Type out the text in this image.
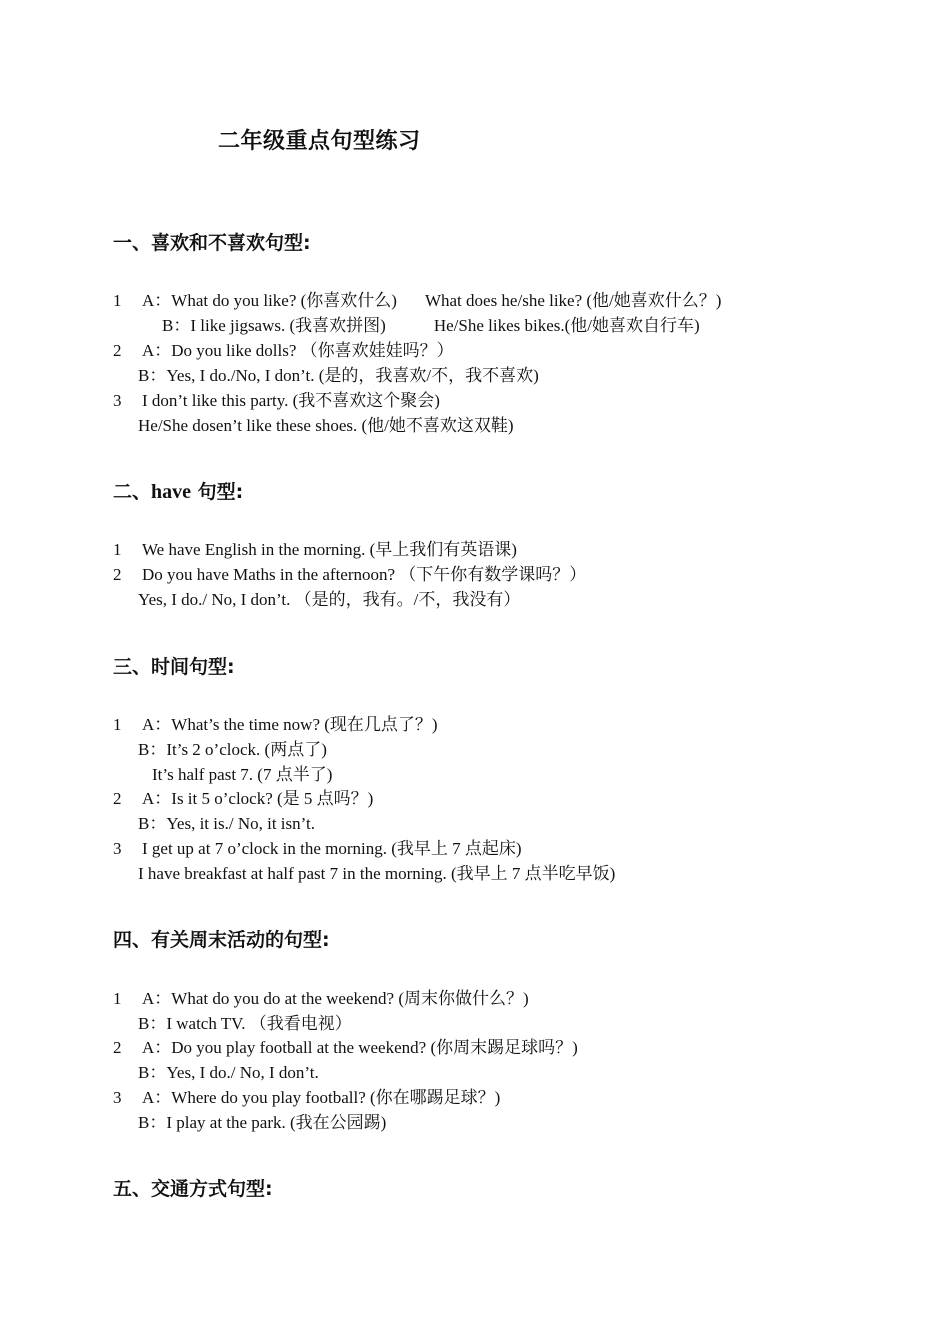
二年级重点句型练习
一、喜欢和不喜欢句型:
1 A：What do you like? (你喜欢什么) What does he/she like? (他/她喜欢什么？)
B：I like jigsaws. (我喜欢拼图)	He/She likes bikes.(他/她喜欢自行车)
2 A：Do you like dolls? （你喜欢娃娃吗？）
B：Yes, I do./No, I don’t. (是的，我喜欢/不，我不喜欢)
3 I don’t like this party. (我不喜欢这个聚会)
He/She dosen’t like these shoes. (他/她不喜欢这双鞋)
二、have 句型:
1 We have English in the morning. (早上我们有英语课)
2 Do you have Maths in the afternoon? （下午你有数学课吗？）
Yes, I do./ No, I don’t. （是的，我有。/不，我没有）
三、时间句型:
1 A：What’s the time now? (现在几点了？)
B：It’s 2 o’clock. (两点了)
It’s half past 7. (7 点半了)
2 A：Is it 5 o’clock? (是 5 点吗？)
B：Yes, it is./ No, it isn’t.
3 I get up at 7 o’clock in the morning. (我早上 7 点起床)
I have breakfast at half past 7 in the morning. (我早上 7 点半吃早饭)
四、有关周末活动的句型:
1 A：What do you do at the weekend? (周末你做什么？)
B：I watch TV. （我看电视）
2 A：Do you play football at the weekend? (你周末踢足球吗？)
B：Yes, I do./ No, I don’t.
3 A：Where do you play football? (你在哪踢足球？)
B：I play at the park. (我在公园踢)
五、交通方式句型:
